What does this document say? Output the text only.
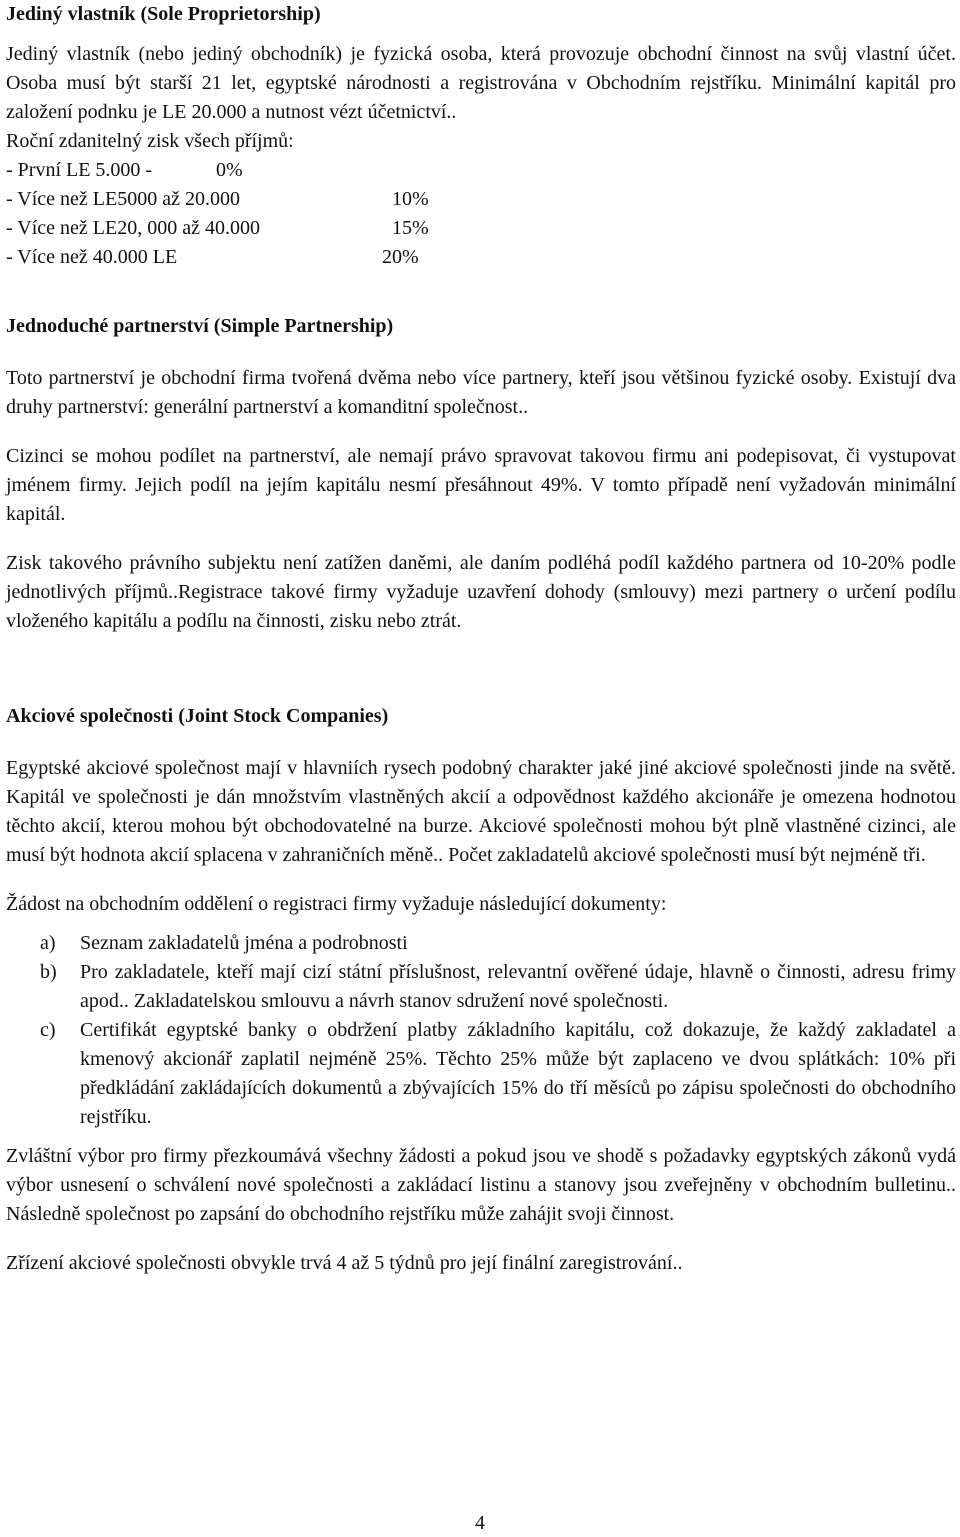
Jediný vlastník (Sole Proprietorship)

Jediný vlastník (nebo jediný obchodník) je fyzická osoba, která provozuje obchodní činnost na svůj vlastní účet. Osoba musí být starší 21 let, egyptské národnosti a registrována v Obchodním rejstříku. Minimální kapitál pro založení podnku je LE 20.000 a nutnost vézt účetnictví..

Roční zdanitelný zisk všech příjmů:
- První LE 5.000 -	0%
- Více než LE5000 až 20.000	10%
- Více než LE20, 000 až 40.000	15%
- Více než 40.000 LE	20%

Jednoduché partnerství (Simple Partnership)

Toto partnerství je obchodní firma tvořená dvěma nebo více partnery, kteří jsou většinou fyzické osoby. Existují dva druhy partnerství: generální partnerství a komanditní společnost..

Cizinci se mohou podílet na partnerství, ale nemají právo spravovat takovou firmu ani podepisovat, či vystupovat jménem firmy. Jejich podíl na jejím kapitálu nesmí přesáhnout 49%. V tomto případě není vyžadován minimální kapitál.

Zisk takového právního subjektu není zatížen daněmi, ale daním podléhá podíl každého partnera od 10-20% podle jednotlivých příjmů..Registrace takové firmy vyžaduje uzavření dohody (smlouvy) mezi partnery o určení podílu vloženého kapitálu a podílu na činnosti, zisku nebo ztrát.

Akciové společnosti (Joint Stock Companies)

Egyptské akciové společnost mají v hlavniích rysech podobný charakter jaké jiné akciové společnosti jinde na světě. Kapitál ve společnosti je dán množstvím vlastněných akcií a odpovědnost každého akcionáře je omezena hodnotou těchto akcií, kterou mohou být obchodovatelné na burze. Akciové společnosti mohou být plně vlastněné cizinci, ale musí být hodnota akcií splacena v zahraničních měně.. Počet zakladatelů akciové společnosti musí být nejméně tři.

Žádost na obchodním oddělení o registraci firmy vyžaduje následující dokumenty:

a)	Seznam zakladatelů jména a podrobnosti
b)	Pro zakladatele, kteří mají cizí státní příslušnost, relevantní ověřené údaje, hlavně o činnosti, adresu frimy apod.. Zakladatelskou smlouvu a návrh stanov sdružení nové společnosti.
c)	Certifikát egyptské banky o obdržení platby základního kapitálu, což dokazuje, že každý zakladatel a kmenový akcionář zaplatil nejméně 25%. Těchto 25% může být zaplaceno ve dvou splátkách: 10% při předkládání zakládajících dokumentů a zbývajících 15% do tří měsíců po zápisu společnosti do obchodního rejstříku.

Zvláštní výbor pro firmy přezkoumává všechny žádosti a pokud jsou ve shodě s požadavky egyptských zákonů vydá výbor usnesení o schválení nové společnosti a zakládací listinu a stanovy jsou zveřejněny v obchodním bulletinu.. Následně společnost po zapsání do obchodního rejstříku může zahájit svoji činnost.

Zřízení akciové společnosti obvykle trvá 4 až 5 týdnů pro její finální zaregistrování..

4
